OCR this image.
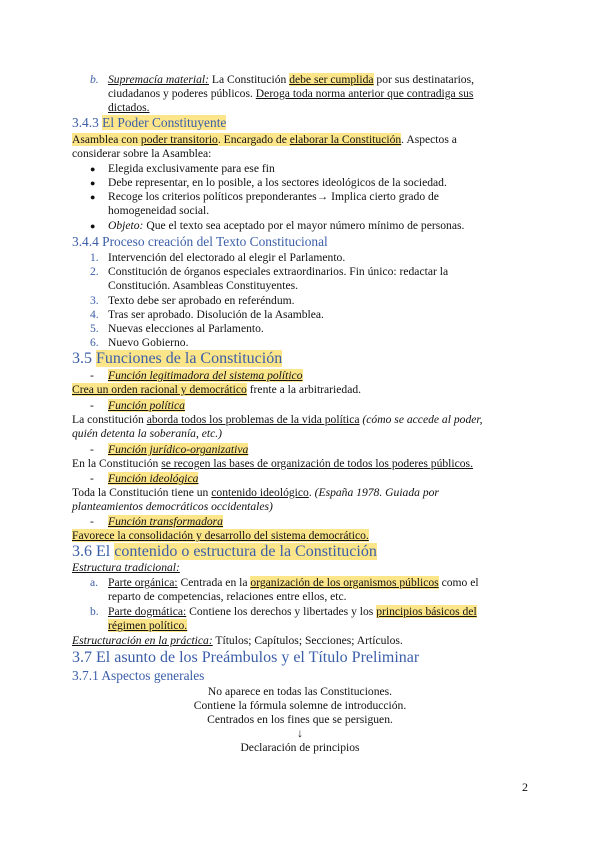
b. Supremacía material: La Constitución debe ser cumplida por sus destinatarios,
ciudadanos y poderes públicos. Deroga toda norma anterior que contradiga sus
dictados.
3.4.3 El Poder Constituyente
Asamblea con poder transitorio. Encargado de elaborar la Constitución. Aspectos a
considerar sobre la Asamblea:
● Elegida exclusivamente para ese fin
● Debe representar, en lo posible, a los sectores ideológicos de la sociedad.
● Recoge los criterios políticos preponderantes→ Implica cierto grado de
homogeneidad social.
● Objeto: Que el texto sea aceptado por el mayor número mínimo de personas.
3.4.4 Proceso creación del Texto Constitucional
1. Intervención del electorado al elegir el Parlamento.
2. Constitución de órganos especiales extraordinarios. Fin único: redactar la
Constitución. Asambleas Constituyentes.
3. Texto debe ser aprobado en referéndum.
4. Tras ser aprobado. Disolución de la Asamblea.
5. Nuevas elecciones al Parlamento.
6. Nuevo Gobierno.
3.5 Funciones de la Constitución
- Función legitimadora del sistema político
Crea un orden racional y democrático frente a la arbitrariedad.
- Función política
La constitución aborda todos los problemas de la vida política (cómo se accede al poder,
quién detenta la soberanía, etc.)
- Función jurídico-organizativa
En la Constitución se recogen las bases de organización de todos los poderes públicos.
- Función ideológica
Toda la Constitución tiene un contenido ideológico. (España 1978. Guiada por
planteamientos democráticos occidentales)
- Función transformadora
Favorece la consolidación y desarrollo del sistema democrático.
3.6 El contenido o estructura de la Constitución
Estructura tradicional:
a. Parte orgánica: Centrada en la organización de los organismos públicos como el
reparto de competencias, relaciones entre ellos, etc.
b. Parte dogmática: Contiene los derechos y libertades y los principios básicos del
régimen político.
Estructuración en la práctica: Títulos; Capítulos; Secciones; Artículos.
3.7 El asunto de los Preámbulos y el Título Preliminar
3.7.1 Aspectos generales
No aparece en todas las Constituciones.
Contiene la fórmula solemne de introducción.
Centrados en los fines que se persiguen.
↓
Declaración de principios
2
